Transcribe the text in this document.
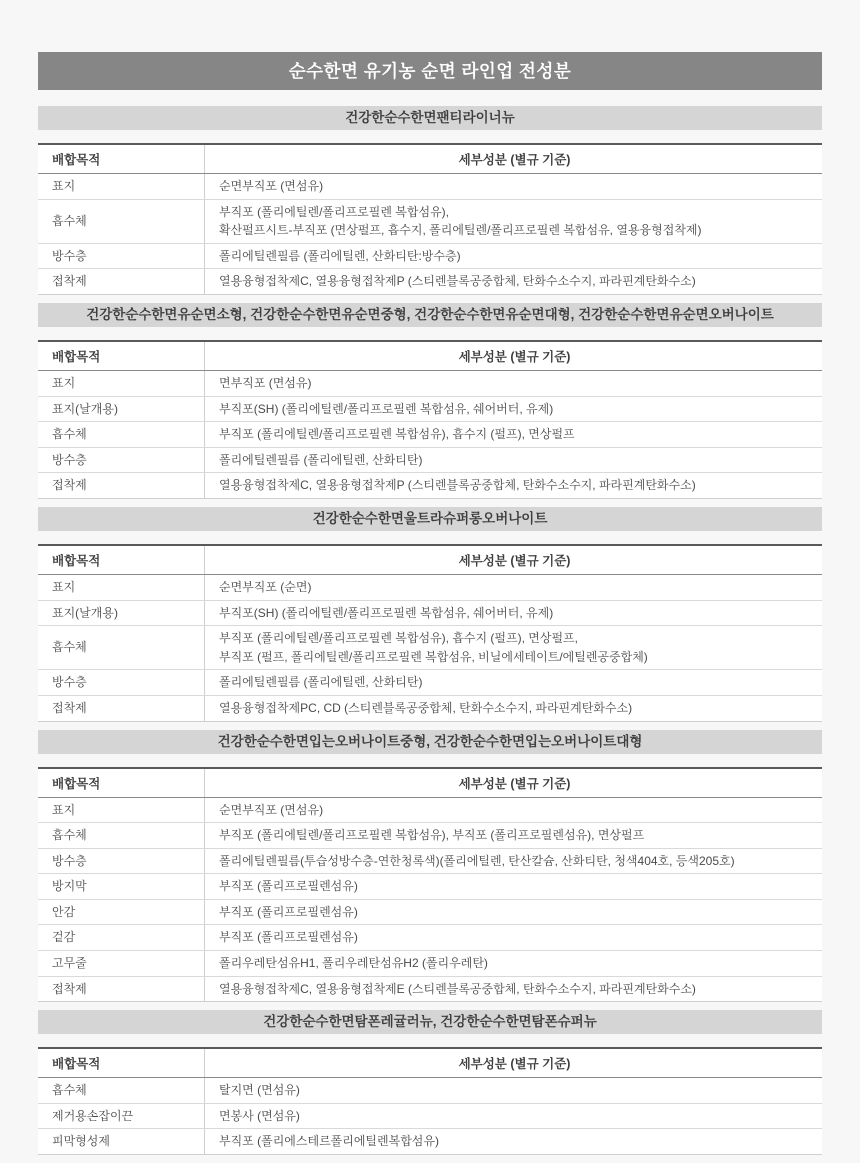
순수한면 유기농 순면 라인업 전성분
건강한순수한면팬티라이너뉴
배합목적	세부성분 (별규 기준)
표지	순면부직포 (면섬유)

흡수체	부직포 (폴리에틸렌/폴리프로필렌 복합섬유),
확산펄프시트-부직포 (면상펄프, 흡수지, 폴리에틸렌/폴리프로필렌 복합섬유, 열용융형접착제)

방수층	폴리에틸렌필름 (폴리에틸렌, 산화티탄:방수층)

접착제	열용융형접착제C, 열용융형접착제P (스티렌블록공중합체, 탄화수소수지, 파라핀계탄화수소)
건강한순수한면유순면소형, 건강한순수한면유순면중형, 건강한순수한면유순면대형, 건강한순수한면유순면오버나이트
배합목적	세부성분 (별규 기준)
표지	면부직포 (면섬유)

표지(날개용)	부직포(SH) (폴리에틸렌/폴리프로필렌 복합섬유, 쉐어버터, 유제)

흡수체	부직포 (폴리에틸렌/폴리프로필렌 복합섬유), 흡수지 (펄프), 면상펄프

방수층	폴리에틸렌필름 (폴리에틸렌, 산화티탄)

접착제	열용융형접착제C, 열용융형접착제P (스티렌블록공중합체, 탄화수소수지, 파라핀계탄화수소)
건강한순수한면울트라슈퍼롱오버나이트
배합목적	세부성분 (별규 기준)
표지	순면부직포 (순면)

표지(날개용)	부직포(SH) (폴리에틸렌/폴리프로필렌 복합섬유, 쉐어버터, 유제)

흡수체	부직포 (폴리에틸렌/폴리프로필렌 복합섬유), 흡수지 (펄프), 면상펄프,
부직포 (펄프, 폴리에틸렌/폴리프로필렌 복합섬유, 비닐에세테이트/에틸렌공중합체)

방수층	폴리에틸렌필름 (폴리에틸렌, 산화티탄)

접착제	열용융형접착제PC, CD (스티렌블록공중합체, 탄화수소수지, 파라핀계탄화수소)
건강한순수한면입는오버나이트중형, 건강한순수한면입는오버나이트대형
배합목적	세부성분 (별규 기준)
표지	순면부직포 (면섬유)

흡수체	부직포 (폴리에틸렌/폴리프로필렌 복합섬유), 부직포 (폴리프로필렌섬유), 면상펄프

방수층	폴리에틸렌필름(투습성방수층-연한청록색)(폴리에틸렌, 탄산칼슘, 산화티탄, 청색404호, 등색205호)

방지막	부직포 (폴리프로필렌섬유)

안감	부직포 (폴리프로필렌섬유)

겉감	부직포 (폴리프로필렌섬유)

고무줄	폴리우레탄섬유H1, 폴리우레탄섬유H2 (폴리우레탄)

접착제	열용융형접착제C, 열용융형접착제E (스티렌블록공중합체, 탄화수소수지, 파라핀계탄화수소)
건강한순수한면탐폰레귤러뉴, 건강한순수한면탐폰슈퍼뉴
배합목적	세부성분 (별규 기준)
흡수체	탈지면 (면섬유)

제거용손잡이끈	면봉사 (면섬유)

피막형성제	부직포 (폴리에스테르폴리에틸렌복합섬유)
